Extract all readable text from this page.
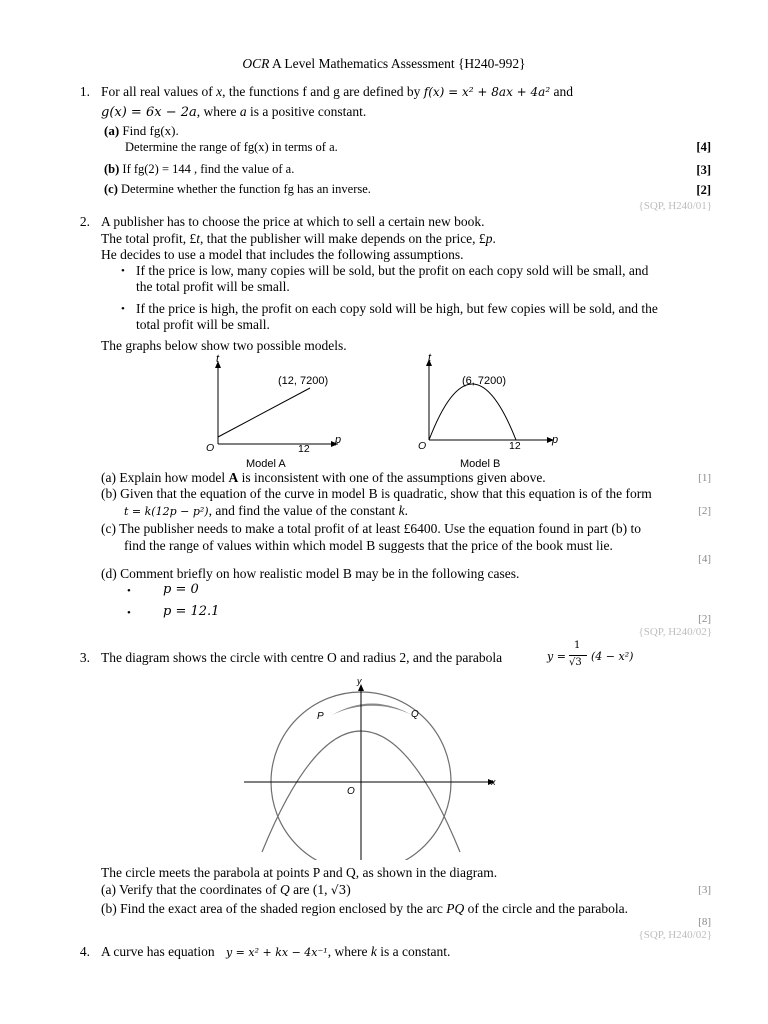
OCR A Level Mathematics Assessment {H240-992}
1. For all real values of x, the functions f and g are defined by f(x) = x² + 8ax + 4a² and
g(x) = 6x − 2a, where a is a positive constant.
(a) Find fg(x).
Determine the range of fg(x) in terms of a.	[4]
(b) If fg(2) = 144 , find the value of a.	[3]
(c) Determine whether the function fg has an inverse.	[2]
{SQP, H240/01}
2. A publisher has to choose the price at which to sell a certain new book.
The total profit, £t, that the publisher will make depends on the price, £p.
He decides to use a model that includes the following assumptions.
• If the price is low, many copies will be sold, but the profit on each copy sold will be small, and
the total profit will be small.
• If the price is high, the profit on each copy sold will be high, but few copies will be sold, and the
total profit will be small.
The graphs below show two possible models.
t
p
O	12
(12, 7200)
Model A
t
p
O	12
(6, 7200)
Model B
(a) Explain how model A is inconsistent with one of the assumptions given above.	[1]
(b) Given that the equation of the curve in model B is quadratic, show that this equation is of the form
t = k(12p − p²), and find the value of the constant k.	[2]
(c) The publisher needs to make a total profit of at least £6400. Use the equation found in part (b) to
find the range of values within which model B suggests that the price of the book must lie.
[4]
(d) Comment briefly on how realistic model B may be in the following cases.
• p = 0
• p = 12.1	[2]
{SQP, H240/02}
3. The diagram shows the circle with centre O and radius 2, and the parabola	y =
1
√3 (4 − x²)
y
x
O
P	Q
The circle meets the parabola at points P and Q, as shown in the diagram.
(a) Verify that the coordinates of Q are (1, √3)	[3]
(b) Find the exact area of the shaded region enclosed by the arc PQ of the circle and the parabola.
[8]
{SQP, H240/02}
4. A curve has equation y = x² + kx − 4x⁻¹, where k is a constant.
